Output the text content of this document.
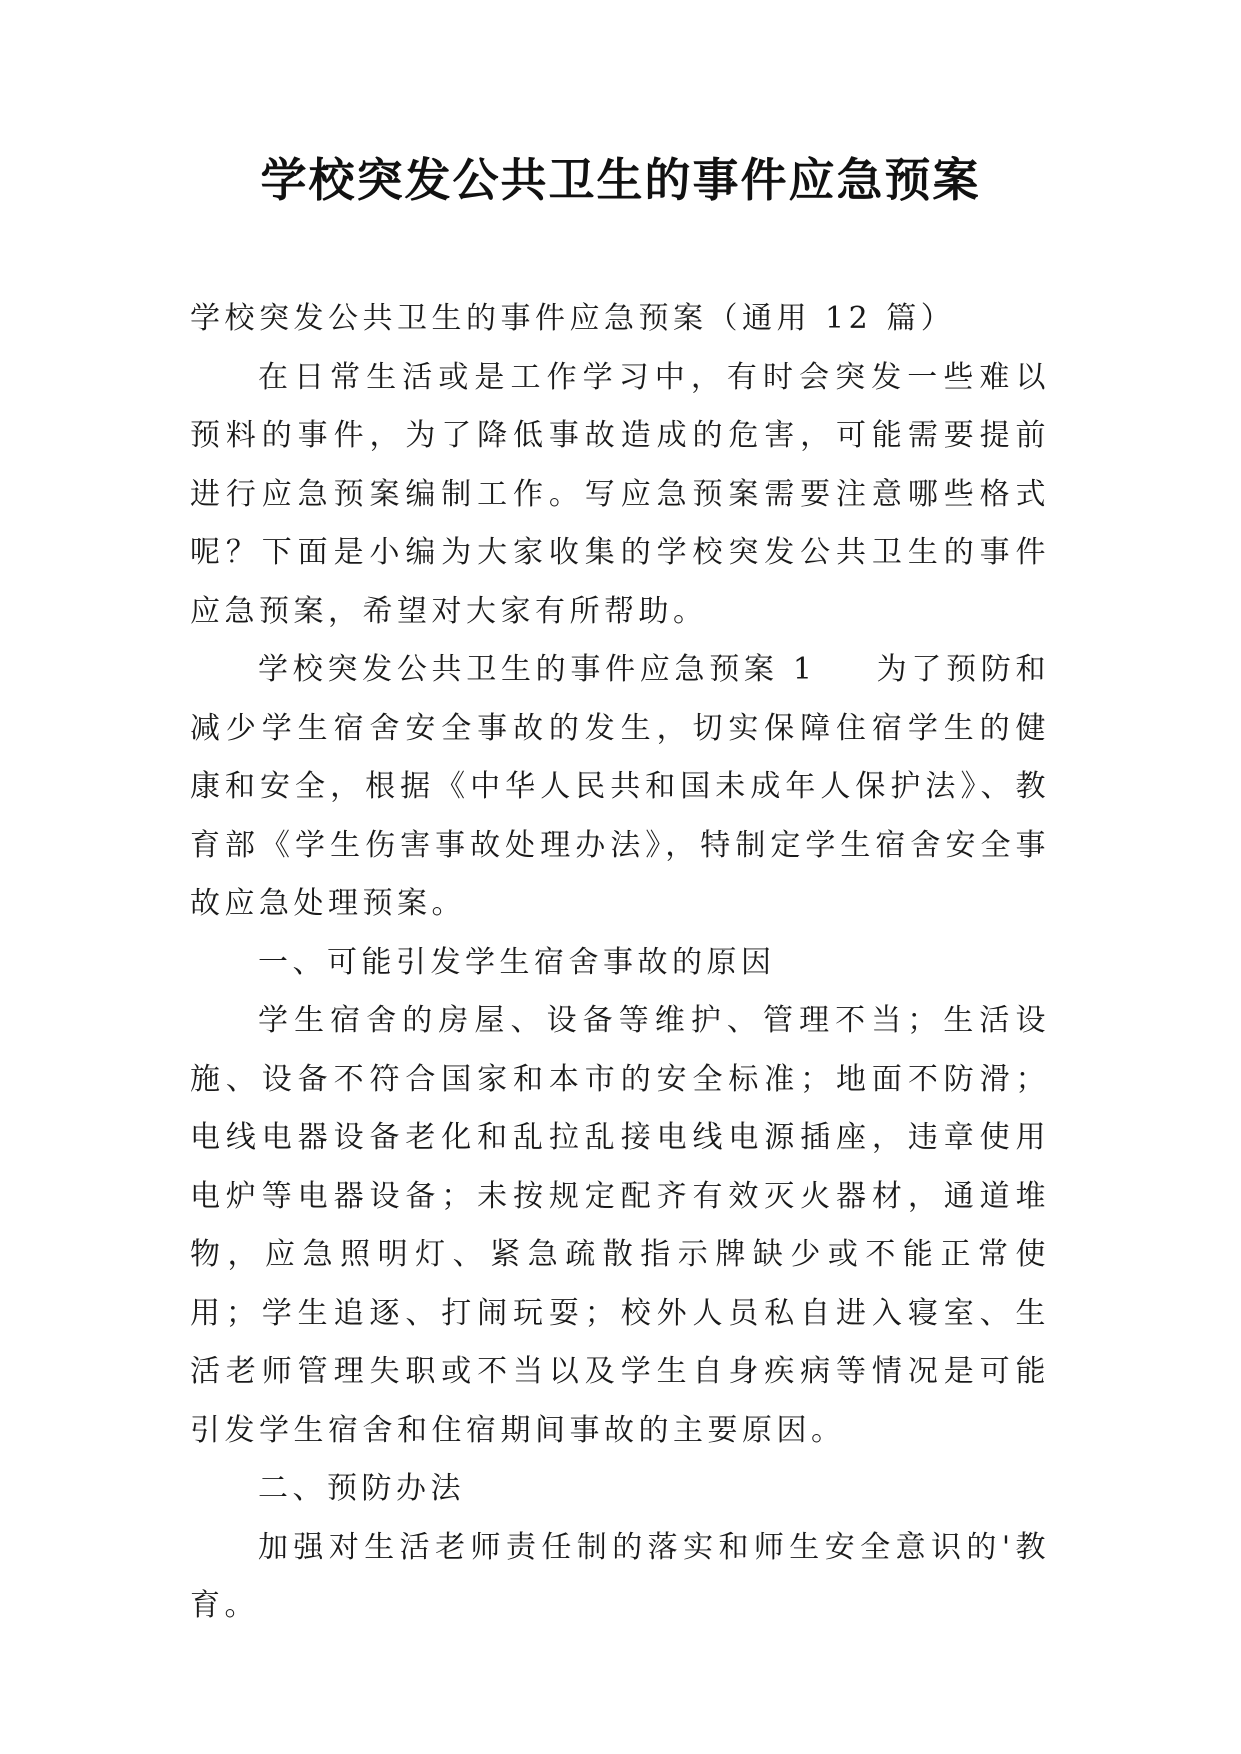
学校突发公共卫生的事件应急预案

学校突发公共卫生的事件应急预案（通用 12 篇）

在日常生活或是工作学习中，有时会突发一些难以预料的事件，为了降低事故造成的危害，可能需要提前进行应急预案编制工作。写应急预案需要注意哪些格式呢？下面是小编为大家收集的学校突发公共卫生的事件应急预案，希望对大家有所帮助。

学校突发公共卫生的事件应急预案 1 为了预防和减少学生宿舍安全事故的发生，切实保障住宿学生的健康和安全，根据《中华人民共和国未成年人保护法》、教育部《学生伤害事故处理办法》，特制定学生宿舍安全事故应急处理预案。

一、可能引发学生宿舍事故的原因

学生宿舍的房屋、设备等维护、管理不当；生活设施、设备不符合国家和本市的安全标准；地面不防滑；电线电器设备老化和乱拉乱接电线电源插座，违章使用电炉等电器设备；未按规定配齐有效灭火器材，通道堆物，应急照明灯、紧急疏散指示牌缺少或不能正常使用；学生追逐、打闹玩耍；校外人员私自进入寝室、生活老师管理失职或不当以及学生自身疾病等情况是可能引发学生宿舍和住宿期间事故的主要原因。

二、预防办法

加强对生活老师责任制的落实和师生安全意识的'教育。
